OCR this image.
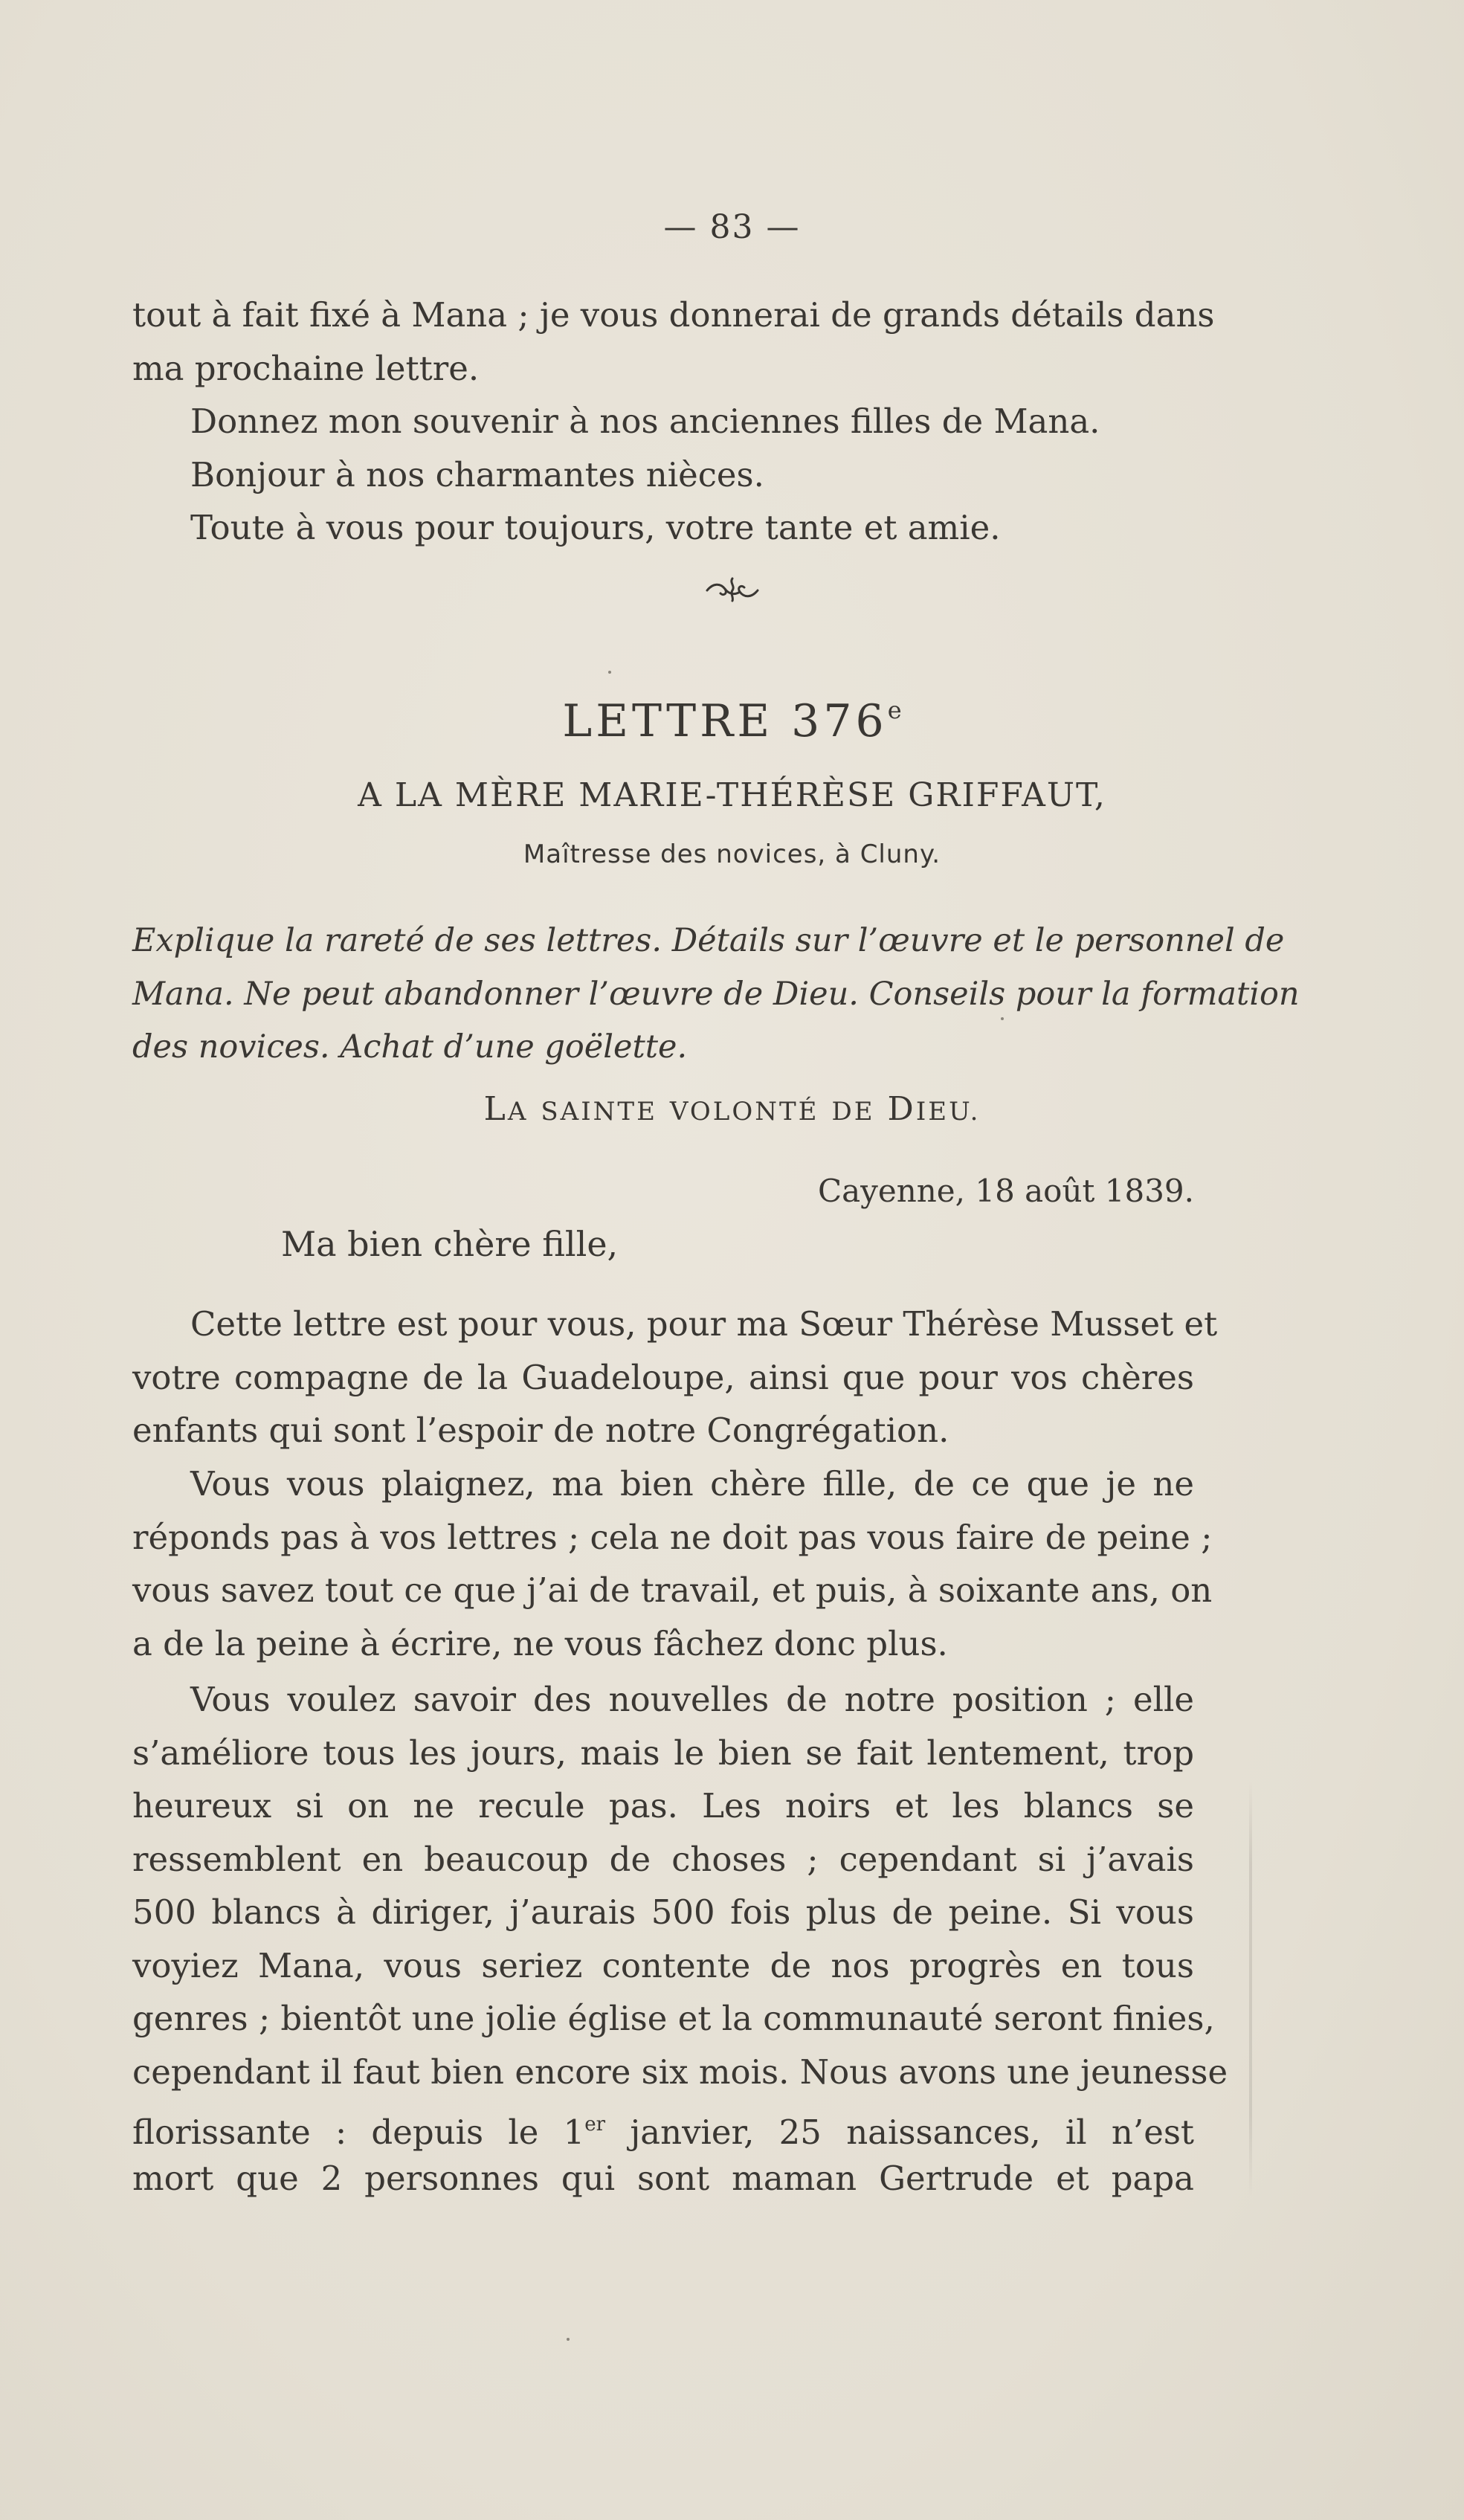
— 83 —
tout à fait fixé à Mana ; je vous donnerai de grands détails dans
ma prochaine lettre.
Donnez mon souvenir à nos anciennes filles de Mana.
Bonjour à nos charmantes nièces.
Toute à vous pour toujours, votre tante et amie.
LETTRE 376e
A LA MÈRE MARIE-THÉRÈSE GRIFFAUT,
Maîtresse des novices, à Cluny.
Explique la rareté de ses lettres. Détails sur l’œuvre et le personnel de
Mana. Ne peut abandonner l’œuvre de Dieu. Conseils pour la formation
des novices. Achat d’une goëlette.
LA SAINTE VOLONTÉ DE DIEU.
Cayenne, 18 août 1839.
Ma bien chère fille,
Cette lettre est pour vous, pour ma Sœur Thérèse Musset et
votre compagne de la Guadeloupe, ainsi que pour vos chères
enfants qui sont l’espoir de notre Congrégation.
Vous vous plaignez, ma bien chère fille, de ce que je ne
réponds pas à vos lettres ; cela ne doit pas vous faire de peine ;
vous savez tout ce que j’ai de travail, et puis, à soixante ans, on
a de la peine à écrire, ne vous fâchez donc plus.
Vous voulez savoir des nouvelles de notre position ; elle
s’améliore tous les jours, mais le bien se fait lentement, trop
heureux si on ne recule pas. Les noirs et les blancs se
ressemblent en beaucoup de choses ; cependant si j’avais
500 blancs à diriger, j’aurais 500 fois plus de peine. Si vous
voyiez Mana, vous seriez contente de nos progrès en tous
genres ; bientôt une jolie église et la communauté seront finies,
cependant il faut bien encore six mois. Nous avons une jeunesse
florissante : depuis le 1er janvier, 25 naissances, il n’est
mort que 2 personnes qui sont maman Gertrude et papa
